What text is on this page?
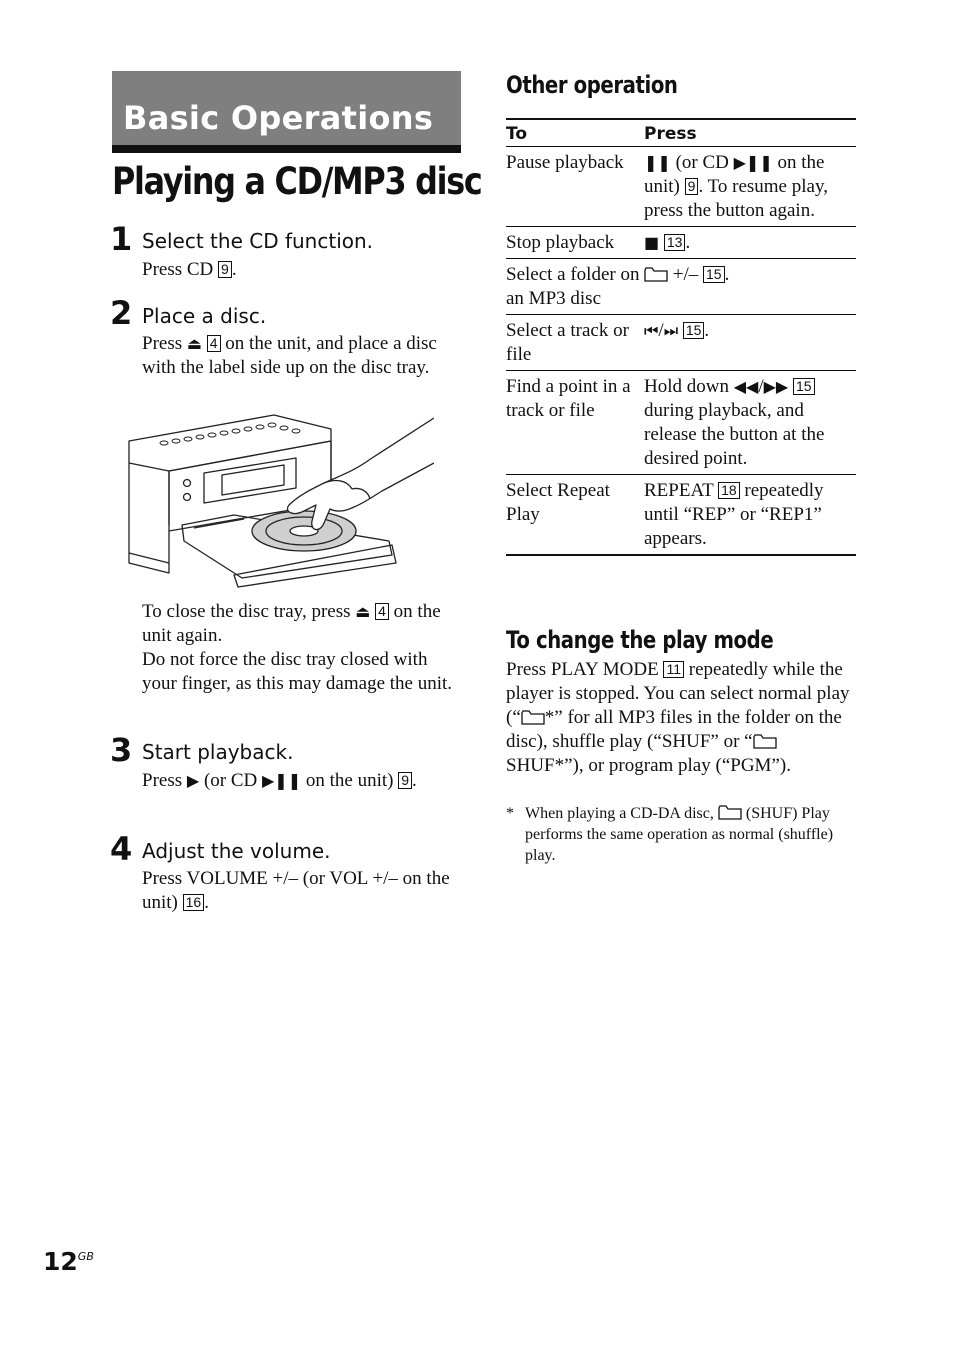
Basic Operations
Playing a CD/MP3 disc
1 Select the CD function.
Press CD 9 .
2 Place a disc.
Press ⏏ 4 on the unit, and place a disc with the label side up on the disc tray.
To close the disc tray, press ⏏ 4 on the unit again.
Do not force the disc tray closed with your finger, as this may damage the unit.
3 Start playback.
Press ▶ (or CD ▶❚❚ on the unit) 9 .
4 Adjust the volume.
Press VOLUME +/– (or VOL +/– on the unit) 16 .
Other operation
To	Press
Pause playback	❚❚ (or CD ▶❚❚ on the unit) 9 . To resume play, press the button again.
Stop playback	■ 13 .
Select a folder on an MP3 disc	+/– 15 .
Select a track or file	⏮/⏭ 15 .
Find a point in a track or file	Hold down ◀◀/▶▶ 15 during playback, and release the button at the desired point.
Select Repeat Play	REPEAT 18 repeatedly until “REP” or “REP1” appears.
To change the play mode
Press PLAY MODE 11 repeatedly while the player is stopped. You can select normal play (“ *” for all MP3 files in the folder on the disc), shuffle play (“SHUF” or “ SHUF*”), or program play (“PGM”).
* When playing a CD-DA disc, (SHUF) Play performs the same operation as normal (shuffle) play.
$12^{GB}$
